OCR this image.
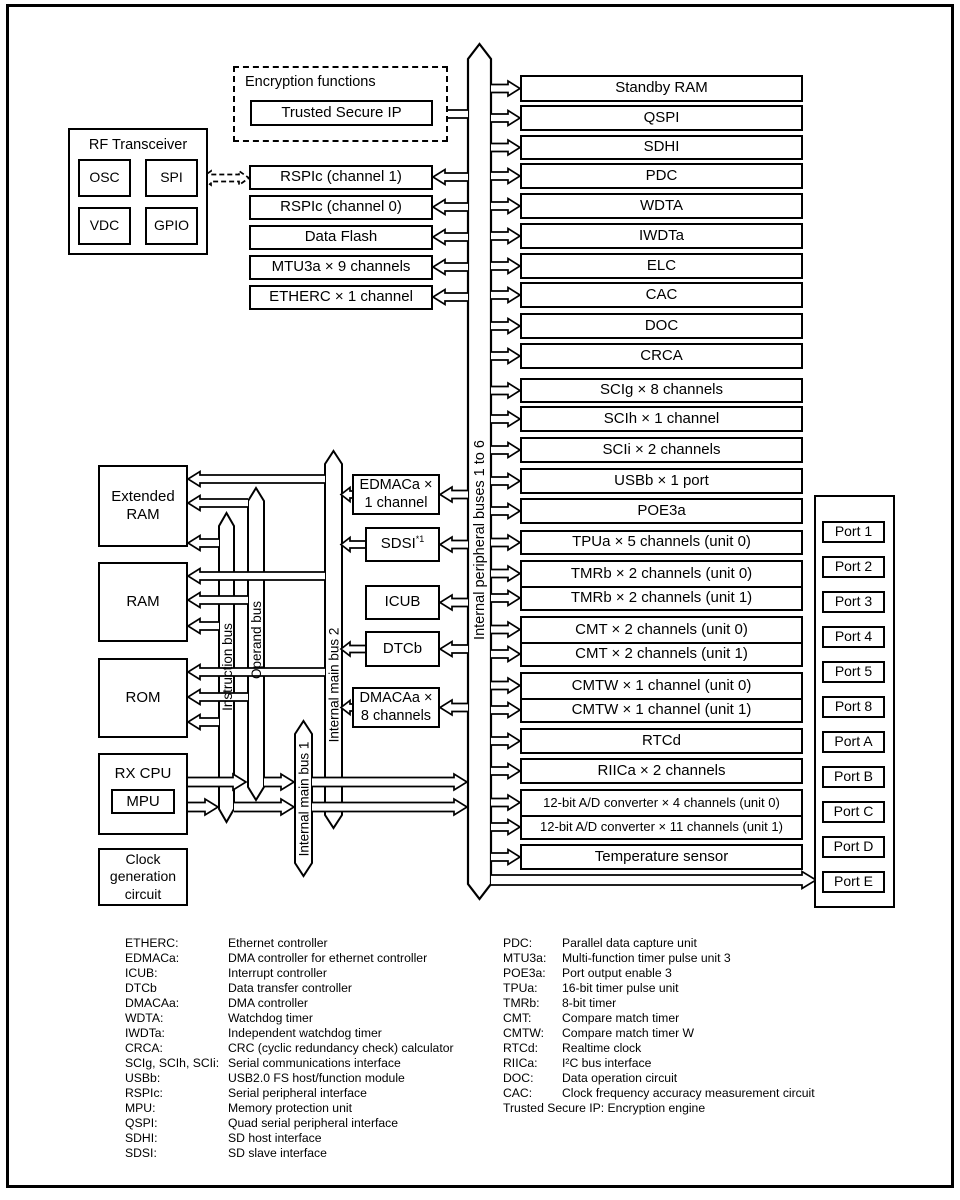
Instruction bus Operand bus
Internal main bus 1
Internal main bus 2
Internal peripheral buses 1 to 6
Encryption functions
Trusted Secure IP
RF Transceiver
OSC	SPI
VDC GPIO
RSPIc (channel 1)
RSPIc (channel 0)
Data Flash
MTU3a × 9 channels
ETHERC × 1 channel
Extended RAM
RAM
ROM
RX CPU
MPU
Clock generation circuit
EDMACa ×
1 channel
SDSI$^{*1}$
ICUB
DTCb
DMACAa ×
8 channels
Standby RAM
QSPI
SDHI
PDC
WDTA
IWDTa
ELC
CAC
DOC
CRCA
SCIg × 8 channels
SCIh × 1 channel
SCIi × 2 channels
USBb × 1 port
POE3a
TPUa × 5 channels (unit 0)
TMRb × 2 channels (unit 0)
TMRb × 2 channels (unit 1)
CMT × 2 channels (unit 0)
CMT × 2 channels (unit 1)
CMTW × 1 channel (unit 0)
CMTW × 1 channel (unit 1)
RTCd
RIICa × 2 channels
12-bit A/D converter × 4 channels (unit 0)
12-bit A/D converter × 11 channels (unit 1)
Temperature sensor
Port 1
Port 2
Port 3
Port 4
Port 5
Port 8
Port A
Port B
Port C
Port D
Port E
ETHERC:	Ethernet controller
EDMACa:	DMA controller for ethernet controller
ICUB:	Interrupt controller
DTCb	Data transfer controller
DMACAa:	DMA controller
WDTA:	Watchdog timer
IWDTa:	Independent watchdog timer
CRCA:	CRC (cyclic redundancy check) calculator
SCIg, SCIh, SCIi: Serial communications interface
USBb:	USB2.0 FS host/function module
RSPIc:	Serial peripheral interface
MPU:	Memory protection unit
QSPI:	Quad serial peripheral interface
SDHI:	SD host interface
SDSI:	SD slave interface
PDC:	Parallel data capture unit
MTU3a:	Multi-function timer pulse unit 3
POE3a:	Port output enable 3
TPUa:	16-bit timer pulse unit
TMRb:	8-bit timer
CMT:	Compare match timer
CMTW:	Compare match timer W
RTCd:	Realtime clock
RIICa:	I²C bus interface
DOC:	Data operation circuit
CAC:	Clock frequency accuracy measurement circuit
Trusted Secure IP: Encryption engine
